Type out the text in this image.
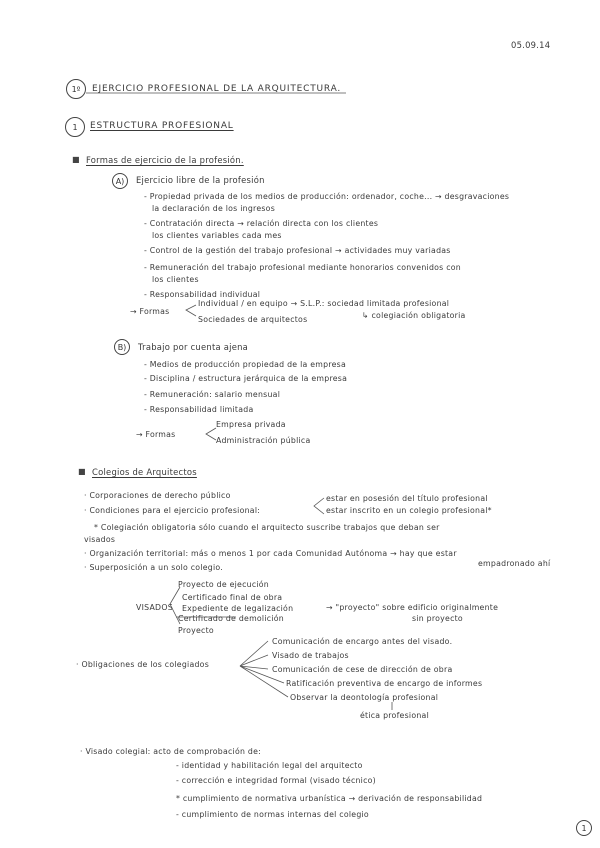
05.09.14
1º EJERCICIO PROFESIONAL DE LA ARQUITECTURA.
1 ESTRUCTURA PROFESIONAL
■ Formas de ejercicio de la profesión.
A) Ejercicio libre de la profesión
- Propiedad privada de los medios de producción: ordenador, coche... → desgravaciones
la declaración de los ingresos
- Contratación directa → relación directa con los clientes
los clientes variables cada mes
- Control de la gestión del trabajo profesional → actividades muy variadas
- Remuneración del trabajo profesional mediante honorarios convenidos con
los clientes
- Responsabilidad individual
→ Formas
Individual / en equipo → S.L.P.: sociedad limitada profesional
↳ colegiación obligatoria
Sociedades de arquitectos
B) Trabajo por cuenta ajena
- Medios de producción propiedad de la empresa
- Disciplina / estructura jerárquica de la empresa
- Remuneración: salario mensual
- Responsabilidad limitada
→ Formas
Empresa privada
Administración pública
■ Colegios de Arquitectos
· Corporaciones de derecho público
· Condiciones para el ejercicio profesional:
estar en posesión del título profesional
estar inscrito en un colegio profesional*
* Colegiación obligatoria sólo cuando el arquitecto suscribe trabajos que deban ser
visados
· Organización territorial: más o menos 1 por cada Comunidad Autónoma → hay que estar
empadronado ahí
· Superposición a un solo colegio.
VISADOS
Proyecto de ejecución
Certificado final de obra
Expediente de legalización
Certificado de demolición
Proyecto
→ "proyecto" sobre edificio originalmente
sin proyecto
· Obligaciones de los colegiados
Comunicación de encargo antes del visado.
Visado de trabajos
Comunicación de cese de dirección de obra
Ratificación preventiva de encargo de informes
Observar la deontología profesional
ética profesional
· Visado colegial: acto de comprobación de:
- identidad y habilitación legal del arquitecto
- corrección e integridad formal (visado técnico)
* cumplimiento de normativa urbanística → derivación de responsabilidad
- cumplimiento de normas internas del colegio
1
